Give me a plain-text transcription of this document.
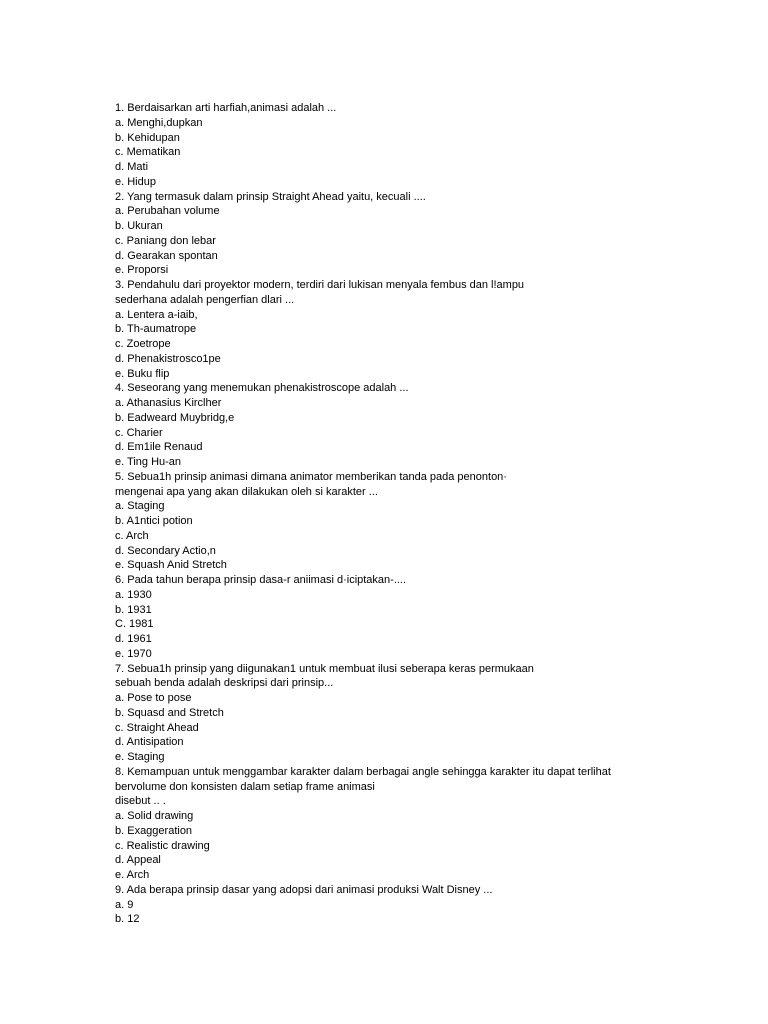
1. Berdaisarkan arti harfiah,animasi adalah ...
a. Menghi,dupkan
b. Kehidupan
c. Mematikan
d. Mati
e. Hidup
2. Yang termasuk dalam prinsip Straight Ahead yaitu, kecuali ....
a. Perubahan volume
b. Ukuran
c. Paniang don lebar
d. Gearakan spontan
e. Proporsi
3. Pendahulu dari proyektor modern, terdiri dari lukisan menyala fembus dan l!ampu
sederhana adalah pengerfian dlari ...
a. Lentera a-iaib,
b. Th-aumatrope
c. Zoetrope
d. Phenakistrosco1pe
e. Buku flip
4. Seseorang yang menemukan phenakistroscope adalah ...
a. Athanasius Kirclher
b. Eadweard Muybridg,e
c. Charier
d. Em1ile Renaud
e. Ting Hu-an
5. Sebua1h prinsip animasi dimana animator memberikan tanda pada penonton·
mengenai apa yang akan dilakukan oleh si karakter ...
a. Staging
b. A1ntici potion
c. Arch
d. Secondary Actio,n
e. Squash Anid Stretch
6. Pada tahun berapa prinsip dasa-r aniimasi d·iciptakan-....
a. 1930
b. 1931
C. 1981
d. 1961
e. 1970
7. Sebua1h prinsip yang diigunakan1 untuk membuat ilusi seberapa keras permukaan
sebuah benda adalah deskripsi dari prinsip...
a. Pose to pose
b. Squasd and Stretch
c. Straight Ahead
d. Antisipation
e. Staging
8. Kemampuan untuk menggambar karakter dalam berbagai angle sehingga karakter itu dapat terlihat
bervolume don konsisten dalam setiap frame animasi
disebut .. .
a. Solid drawing
b. Exaggeration
c. Realistic drawing
d. Appeal
e. Arch
9. Ada berapa prinsip dasar yang adopsi dari animasi produksi Walt Disney ...
a. 9
b. 12
